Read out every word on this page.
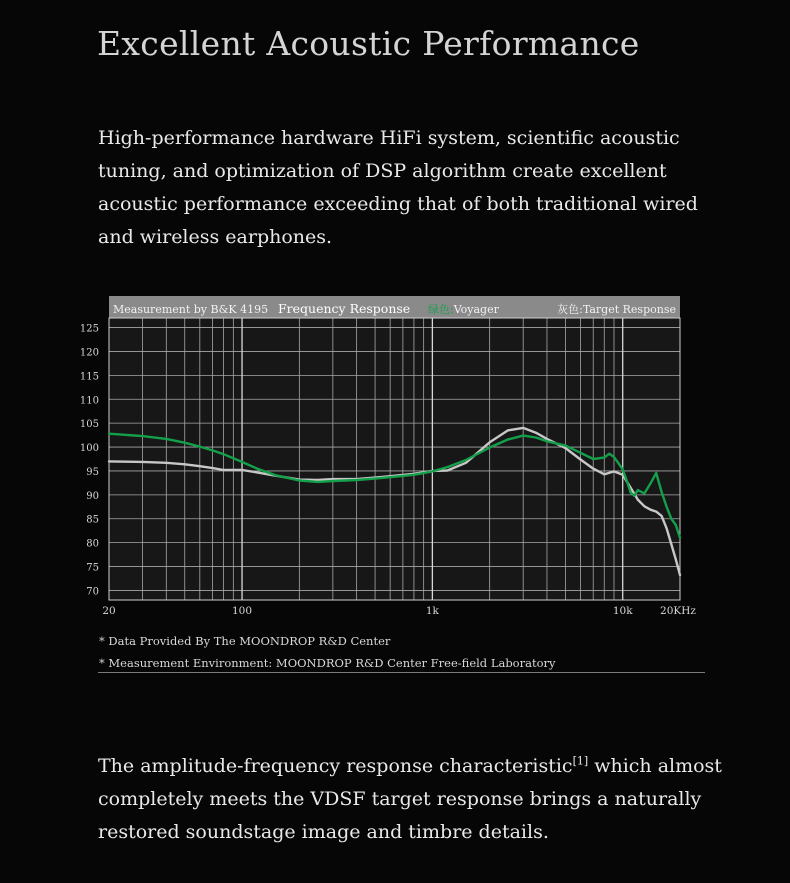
Excellent Acoustic Performance
High-performance hardware HiFi system, scientific acoustic tuning, and optimization of DSP algorithm create excellent acoustic performance exceeding that of both traditional wired and wireless earphones.
Measurement by B&K 4195 Frequency Response	灰色:Target Response
绿色:Voyager
70
75
80
85
90
95
100
105
110
115
120
125
20	100	1k	10k	20KHz
* Data Provided By The MOONDROP R&D Center
* Measurement Environment: MOONDROP R&D Center Free-field Laboratory
The amplitude-frequency response characteristic[1] which almost completely meets the VDSF target response brings a naturally restored soundstage image and timbre details.
